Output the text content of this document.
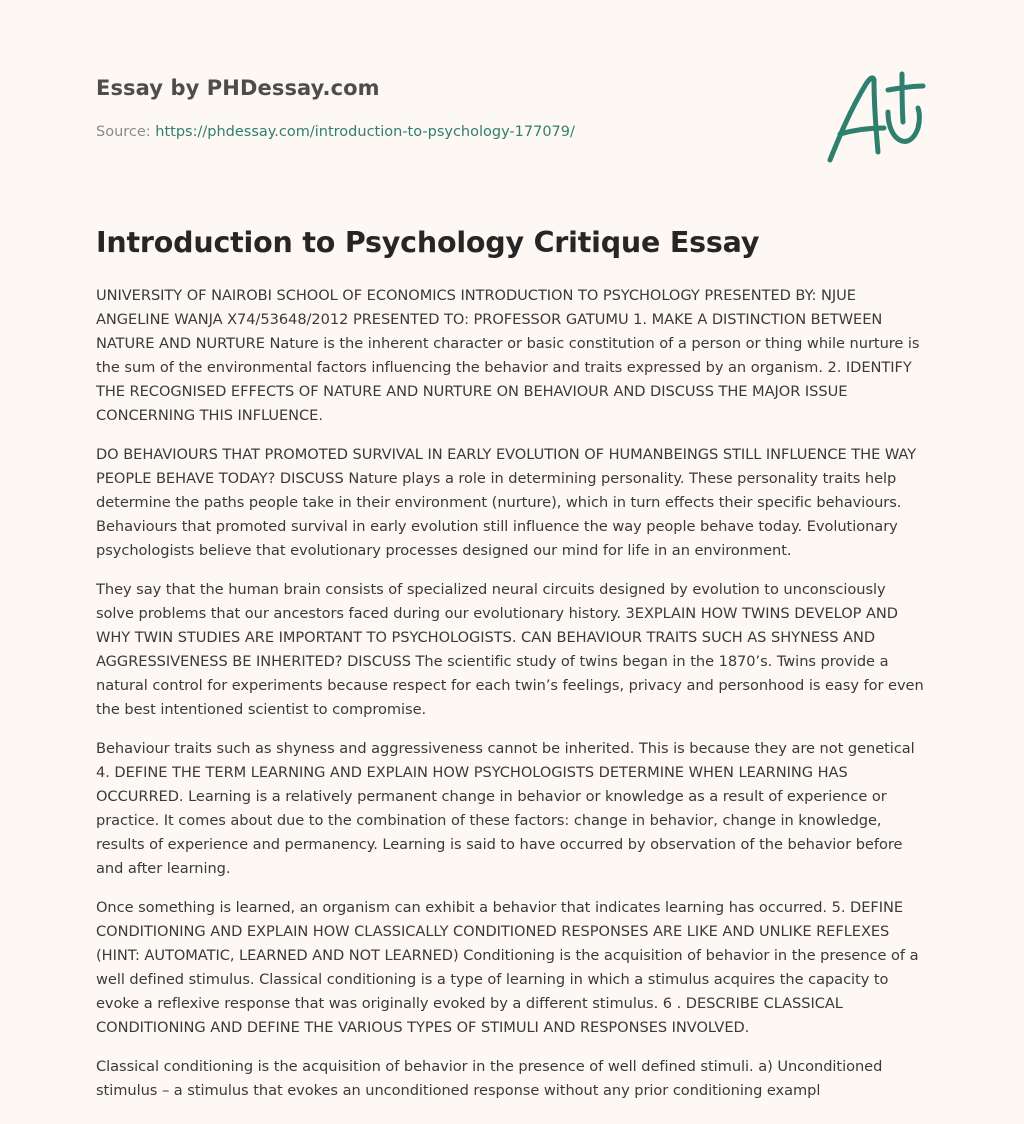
Essay by PHDessay.com
Source: https://phdessay.com/introduction-to-psychology-177079/
Introduction to Psychology Critique Essay

UNIVERSITY OF NAIROBI SCHOOL OF ECONOMICS INTRODUCTION TO PSYCHOLOGY PRESENTED BY: NJUE ANGELINE WANJA X74/53648/2012 PRESENTED TO: PROFESSOR GATUMU 1. MAKE A DISTINCTION BETWEEN NATURE AND NURTURE Nature is the inherent character or basic constitution of a person or thing while nurture is the sum of the environmental factors influencing the behavior and traits expressed by an organism. 2. IDENTIFY THE RECOGNISED EFFECTS OF NATURE AND NURTURE ON BEHAVIOUR AND DISCUSS THE MAJOR ISSUE CONCERNING THIS INFLUENCE.

DO BEHAVIOURS THAT PROMOTED SURVIVAL IN EARLY EVOLUTION OF HUMANBEINGS STILL INFLUENCE THE WAY PEOPLE BEHAVE TODAY? DISCUSS Nature plays a role in determining personality. These personality traits help determine the paths people take in their environment (nurture), which in turn effects their specific behaviours. Behaviours that promoted survival in early evolution still influence the way people behave today. Evolutionary psychologists believe that evolutionary processes designed our mind for life in an environment.

They say that the human brain consists of specialized neural circuits designed by evolution to unconsciously solve problems that our ancestors faced during our evolutionary history. 3EXPLAIN HOW TWINS DEVELOP AND WHY TWIN STUDIES ARE IMPORTANT TO PSYCHOLOGISTS. CAN BEHAVIOUR TRAITS SUCH AS SHYNESS AND AGGRESSIVENESS BE INHERITED? DISCUSS The scientific study of twins began in the 1870’s. Twins provide a natural control for experiments because respect for each twin’s feelings, privacy and personhood is easy for even the best intentioned scientist to compromise.

Behaviour traits such as shyness and aggressiveness cannot be inherited. This is because they are not genetical 4. DEFINE THE TERM LEARNING AND EXPLAIN HOW PSYCHOLOGISTS DETERMINE WHEN LEARNING HAS OCCURRED. Learning is a relatively permanent change in behavior or knowledge as a result of experience or practice. It comes about due to the combination of these factors: change in behavior, change in knowledge, results of experience and permanency. Learning is said to have occurred by observation of the behavior before and after learning.

Once something is learned, an organism can exhibit a behavior that indicates learning has occurred. 5. DEFINE CONDITIONING AND EXPLAIN HOW CLASSICALLY CONDITIONED RESPONSES ARE LIKE AND UNLIKE REFLEXES (HINT: AUTOMATIC, LEARNED AND NOT LEARNED) Conditioning is the acquisition of behavior in the presence of a well defined stimulus. Classical conditioning is a type of learning in which a stimulus acquires the capacity to evoke a reflexive response that was originally evoked by a different stimulus. 6 . DESCRIBE CLASSICAL CONDITIONING AND DEFINE THE VARIOUS TYPES OF STIMULI AND RESPONSES INVOLVED.

Classical conditioning is the acquisition of behavior in the presence of well defined stimuli. a) Unconditioned stimulus – a stimulus that evokes an unconditioned response without any prior conditioning exampl
